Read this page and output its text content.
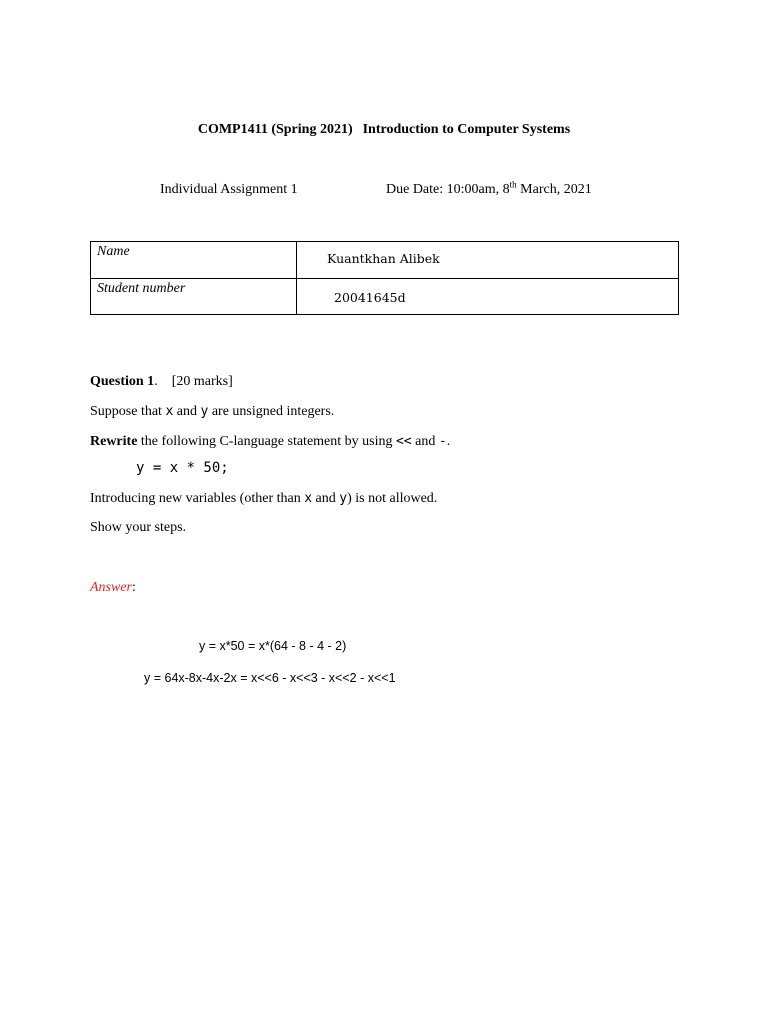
COMP1411 (Spring 2021) Introduction to Computer Systems
Individual Assignment 1	Due Date: 10:00am, 8th March, 2021
Name	Kuantkhan Alibek

Student number	20041645d
Question 1. [20 marks]
Suppose that x and y are unsigned integers.
Rewrite the following C-language statement by using << and -.
y = x * 50;
Introducing new variables (other than x and y) is not allowed.
Show your steps.
Answer:
y = x*50 = x*(64 - 8 - 4 - 2)
y = 64x-8x-4x-2x = x<<6 - x<<3 - x<<2 - x<<1
